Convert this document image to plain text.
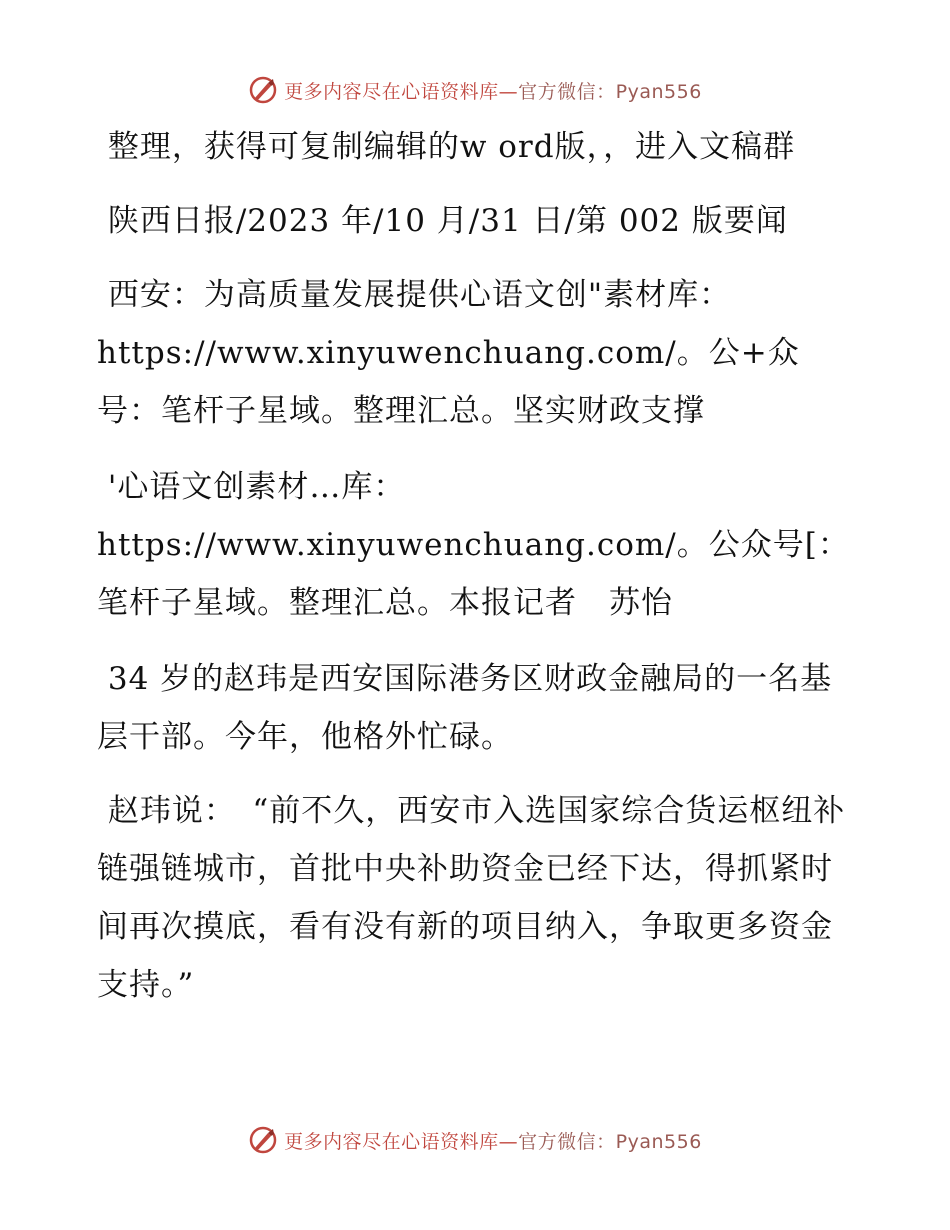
更多内容尽在心语资料库—官方微信：Pyan556

整理，获得可复制编辑的w ord版，，进入文稿群

陕西日报/2023 年/10 月/31 日/第 002 版要闻

西安：为高质量发展提供心语文创"素材库：https://www.xinyuwenchuang.com/。公+众号：笔杆子星域。整理汇总。坚实财政支撑

'心语文创素材…库：https://www.xinyuwenchuang.com/。公众号[：笔杆子星域。整理汇总。本报记者　苏怡

34 岁的赵玮是西安国际港务区财政金融局的一名基层干部。今年，他格外忙碌。

赵玮说：　“前不久，西安市入选国家综合货运枢纽补链强链城市，首批中央补助资金已经下达，得抓紧时间再次摸底，看有没有新的项目纳入，争取更多资金支持。”

更多内容尽在心语资料库—官方微信：Pyan556
